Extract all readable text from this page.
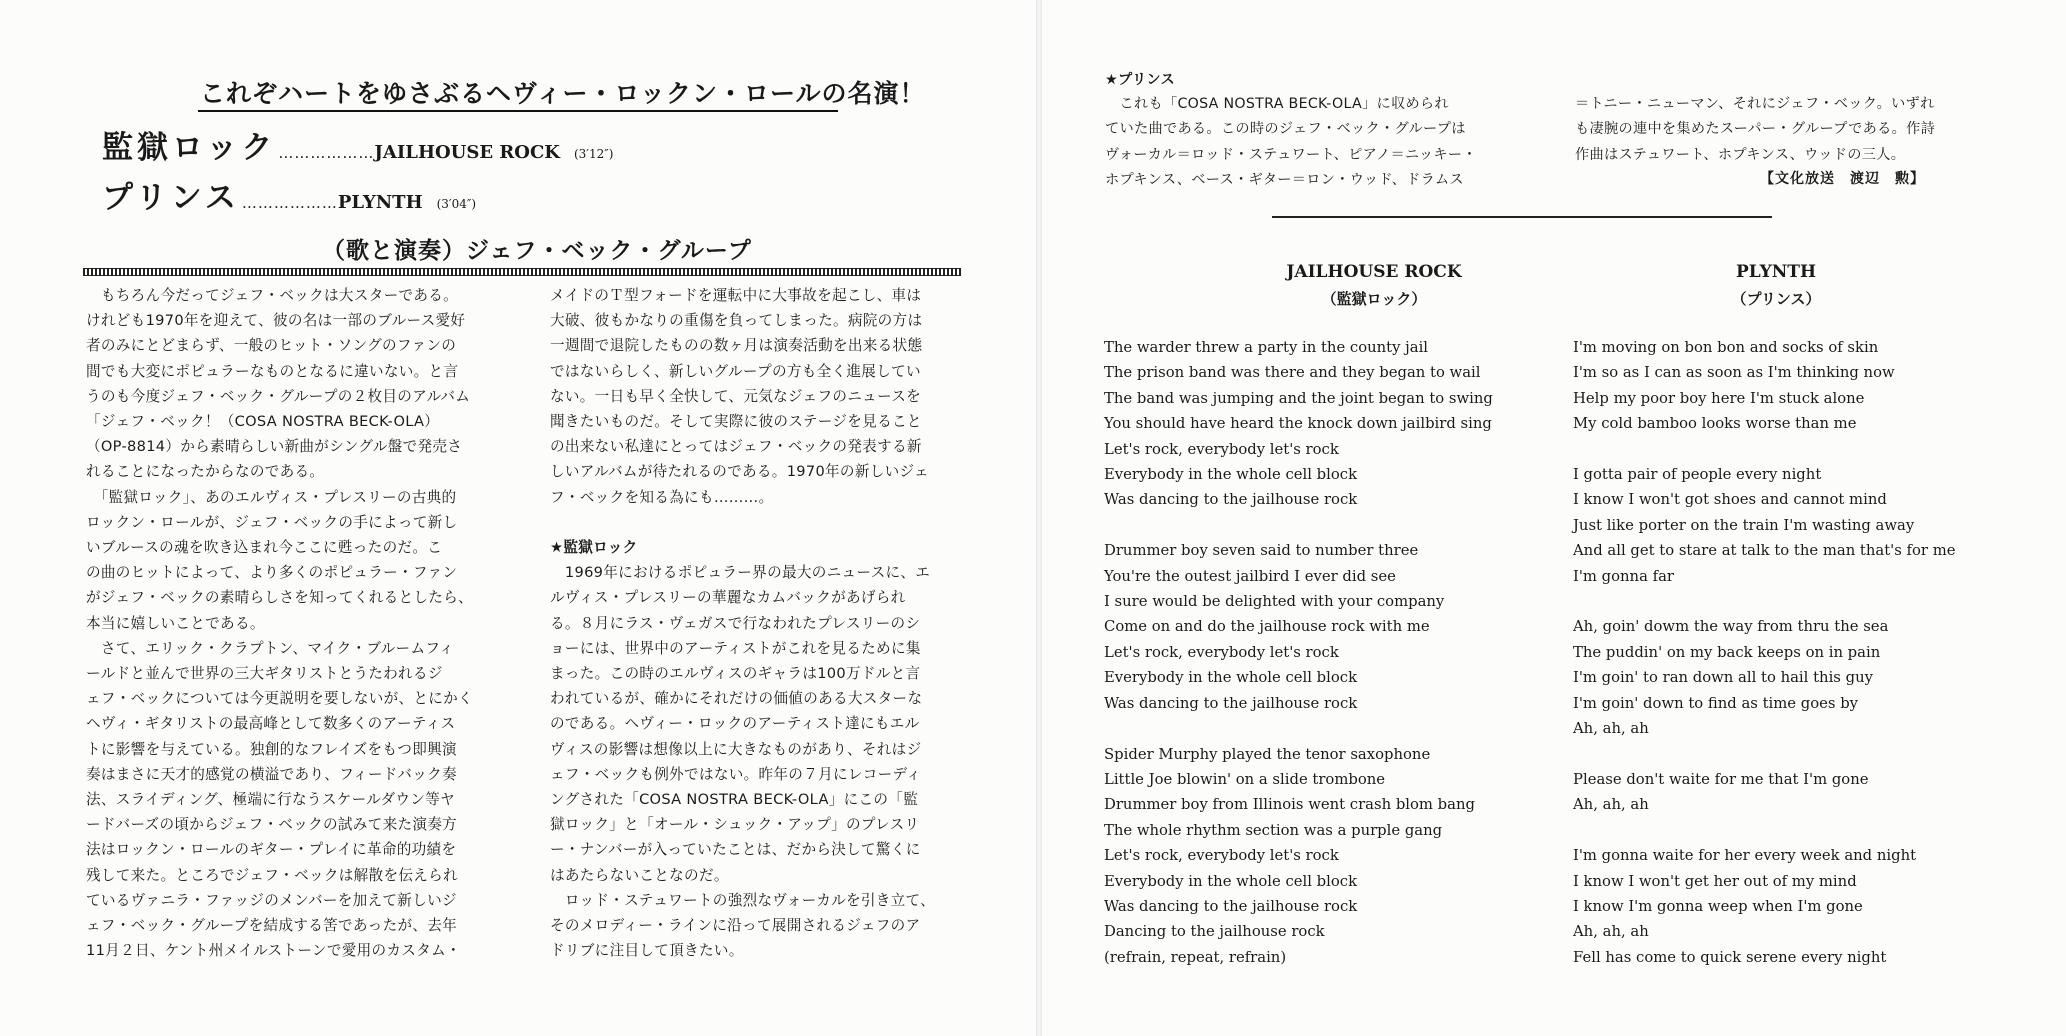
これぞハートをゆさぶるヘヴィー・ロックン・ロールの名演！
監獄ロック ………………JAILHOUSE ROCK (3′12″)
プリンス ………………PLYNTH (3′04″)
（歌と演奏）ジェフ・ベック・グループ
　もちろん今だってジェフ・ベックは大スターである。
けれども1970年を迎えて、彼の名は一部のブルース愛好
者のみにとどまらず、一般のヒット・ソングのファンの
間でも大変にポピュラーなものとなるに違いない。と言
うのも今度ジェフ・ベック・グループの２枚目のアルバム
「ジェフ・ベック！（COSA NOSTRA BECK-OLA）
（OP-8814）から素晴らしい新曲がシングル盤で発売さ
れることになったからなのである。
　「監獄ロック」、あのエルヴィス・プレスリーの古典的
ロックン・ロールが、ジェフ・ベックの手によって新し
いブルースの魂を吹き込まれ今ここに甦ったのだ。こ
の曲のヒットによって、より多くのポピュラー・ファン
がジェフ・ベックの素晴らしさを知ってくれるとしたら、
本当に嬉しいことである。
　さて、エリック・クラプトン、マイク・ブルームフィ
ールドと並んで世界の三大ギタリストとうたわれるジ
ェフ・ベックについては今更説明を要しないが、とにかく
ヘヴィ・ギタリストの最高峰として数多くのアーティス
トに影響を与えている。独創的なフレイズをもつ即興演
奏はまさに天才的感覚の横溢であり、フィードバック奏
法、スライディング、極端に行なうスケールダウン等ヤ
ードバーズの頃からジェフ・ベックの試みて来た演奏方
法はロックン・ロールのギター・プレイに革命的功績を
残して来た。ところでジェフ・ベックは解散を伝えられ
ているヴァニラ・ファッジのメンバーを加えて新しいジ
ェフ・ベック・グループを結成する筈であったが、去年
11月２日、ケント州メイルストーンで愛用のカスタム・
メイドのＴ型フォードを運転中に大事故を起こし、車は
大破、彼もかなりの重傷を負ってしまった。病院の方は
一週間で退院したものの数ヶ月は演奏活動を出来る状態
ではないらしく、新しいグループの方も全く進展してい
ない。一日も早く全快して、元気なジェフのニュースを
聞きたいものだ。そして実際に彼のステージを見ること
の出来ない私達にとってはジェフ・ベックの発表する新
しいアルバムが待たれるのである。1970年の新しいジェ
フ・ベックを知る為にも………。

★監獄ロック
　1969年におけるポピュラー界の最大のニュースに、エ
ルヴィス・プレスリーの華麗なカムバックがあげられ
る。８月にラス・ヴェガスで行なわれたプレスリーのシ
ョーには、世界中のアーティストがこれを見るために集
まった。この時のエルヴィスのギャラは100万ドルと言
われているが、確かにそれだけの価値のある大スターな
のである。ヘヴィー・ロックのアーティスト達にもエル
ヴィスの影響は想像以上に大きなものがあり、それはジ
ェフ・ベックも例外ではない。昨年の７月にレコーディ
ングされた「COSA NOSTRA BECK-OLA」にこの「監
獄ロック」と「オール・シュック・アップ」のプレスリ
ー・ナンバーが入っていたことは、だから決して驚くに
はあたらないことなのだ。
　ロッド・ステュワートの強烈なヴォーカルを引き立て、
そのメロディー・ラインに沿って展開されるジェフのア
ドリブに注目して頂きたい。
★プリンス
　これも「COSA NOSTRA BECK-OLA」に収められ
ていた曲である。この時のジェフ・ベック・グループは
ヴォーカル＝ロッド・ステュワート、ピアノ＝ニッキー・
ホプキンス、ベース・ギター＝ロン・ウッド、ドラムス
＝トニー・ニューマン、それにジェフ・ベック。いずれ
も凄腕の連中を集めたスーパー・グループである。作詩
作曲はステュワート、ホプキンス、ウッドの三人。
【文化放送　渡辺　勲】
JAILHOUSE ROCK
（監獄ロック）
PLYNTH
（プリンス）
The warder threw a party in the county jail
The prison band was there and they began to wail
The band was jumping and the joint began to swing
You should have heard the knock down jailbird sing
Let's rock, everybody let's rock
Everybody in the whole cell block
Was dancing to the jailhouse rock

Drummer boy seven said to number three
You're the outest jailbird I ever did see
I sure would be delighted with your company
Come on and do the jailhouse rock with me
Let's rock, everybody let's rock
Everybody in the whole cell block
Was dancing to the jailhouse rock

Spider Murphy played the tenor saxophone
Little Joe blowin' on a slide trombone
Drummer boy from Illinois went crash blom bang
The whole rhythm section was a purple gang
Let's rock, everybody let's rock
Everybody in the whole cell block
Was dancing to the jailhouse rock
Dancing to the jailhouse rock
(refrain, repeat, refrain)
I'm moving on bon bon and socks of skin
I'm so as I can as soon as I'm thinking now
Help my poor boy here I'm stuck alone
My cold bamboo looks worse than me

I gotta pair of people every night
I know I won't got shoes and cannot mind
Just like porter on the train I'm wasting away
And all get to stare at talk to the man that's for me
I'm gonna far

Ah, goin' dowm the way from thru the sea
The puddin' on my back keeps on in pain
I'm goin' to ran down all to hail this guy
I'm goin' down to find as time goes by
Ah, ah, ah

Please don't waite for me that I'm gone
Ah, ah, ah

I'm gonna waite for her every week and night
I know I won't get her out of my mind
I know I'm gonna weep when I'm gone
Ah, ah, ah
Fell has come to quick serene every night
